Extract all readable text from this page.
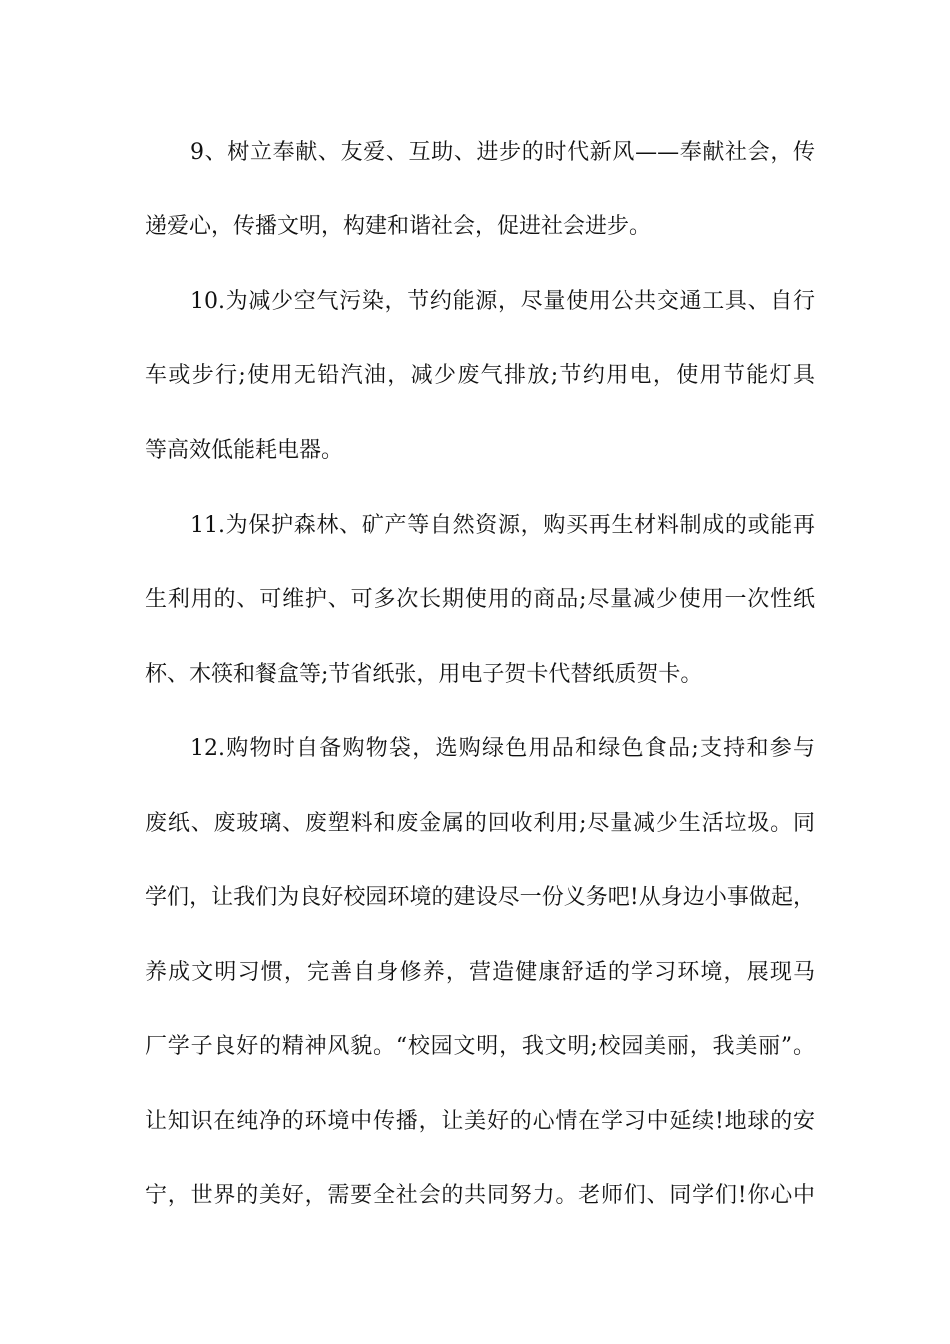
9、树立奉献、友爱、互助、进步的时代新风——奉献社会，传
递爱心，传播文明，构建和谐社会，促进社会进步。
10.为减少空气污染，节约能源，尽量使用公共交通工具、自行
车或步行;使用无铅汽油，减少废气排放;节约用电，使用节能灯具
等高效低能耗电器。
11.为保护森林、矿产等自然资源，购买再生材料制成的或能再
生利用的、可维护、可多次长期使用的商品;尽量减少使用一次性纸
杯、木筷和餐盒等;节省纸张，用电子贺卡代替纸质贺卡。
12.购物时自备购物袋，选购绿色用品和绿色食品;支持和参与
废纸、废玻璃、废塑料和废金属的回收利用;尽量减少生活垃圾。同
学们，让我们为良好校园环境的建设尽一份义务吧!从身边小事做起，
养成文明习惯，完善自身修养，营造健康舒适的学习环境，展现马
厂学子良好的精神风貌。“校园文明，我文明;校园美丽，我美丽”。
让知识在纯净的环境中传播，让美好的心情在学习中延续!地球的安
宁，世界的美好，需要全社会的共同努力。老师们、同学们!你心中
